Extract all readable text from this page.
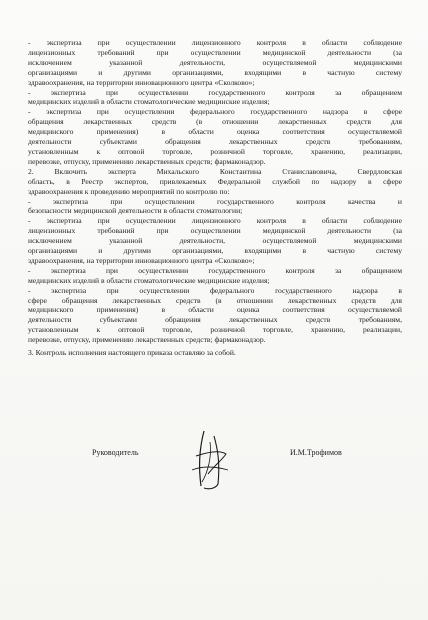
- экспертиза при осуществлении лицензионного контроля в области соблюдение
лицензионных требований при осуществлении медицинской деятельности (за
исключением указанной деятельности, осуществляемой медицинскими
организациями и другими организациями, входящими в частную систему
здравоохранения, на территории инновационного центра «Сколково»;
- экспертиза при осуществлении государственного контроля за обращением
медицинских изделий в области стоматологические медицинские изделия;
- экспертиза при осуществлении федерального государственного надзора в сфере
обращения лекарственных средств (в отношении лекарственных средств для
медицинского применения) в области оценка соответствия осуществляемой
деятельности субъектами обращения лекарственных средств требованиям,
установленным к оптовой торговле, розничной торговле, хранению, реализации,
перевозке, отпуску, применению лекарственных средств; фармаконадзор.
2. Включить эксперта Михальского Константина Станиславовича, Свердловская
область, в Реестр экспертов, привлекаемых Федеральной службой по надзору в сфере
здравоохранения к проведению мероприятий по контролю по:
- экспертиза при осуществлении государственного контроля качества и
безопасности медицинской деятельности в области стоматологии;
- экспертиза при осуществлении лицензионного контроля в области соблюдение
лицензионных требований при осуществлении медицинской деятельности (за
исключением указанной деятельности, осуществляемой медицинскими
организациями и другими организациями, входящими в частную систему
здравоохранения, на территории инновационного центра «Сколково»;
- экспертиза при осуществлении государственного контроля за обращением
медицинских изделий в области стоматологические медицинские изделия;
- экспертиза при осуществлении федерального государственного надзора в
сфере обращения лекарственных средств (в отношении лекарственных средств для
медицинского применения) в области оценка соответствия осуществляемой
деятельности субъектами обращения лекарственных средств требованиям,
установленным к оптовой торговле, розничной торговле, хранению, реализации,
перевозке, отпуску, применению лекарственных средств; фармаконадзор.
3. Контроль исполнения настоящего приказа оставляю за собой.
Руководитель	И.М.Трофимов
